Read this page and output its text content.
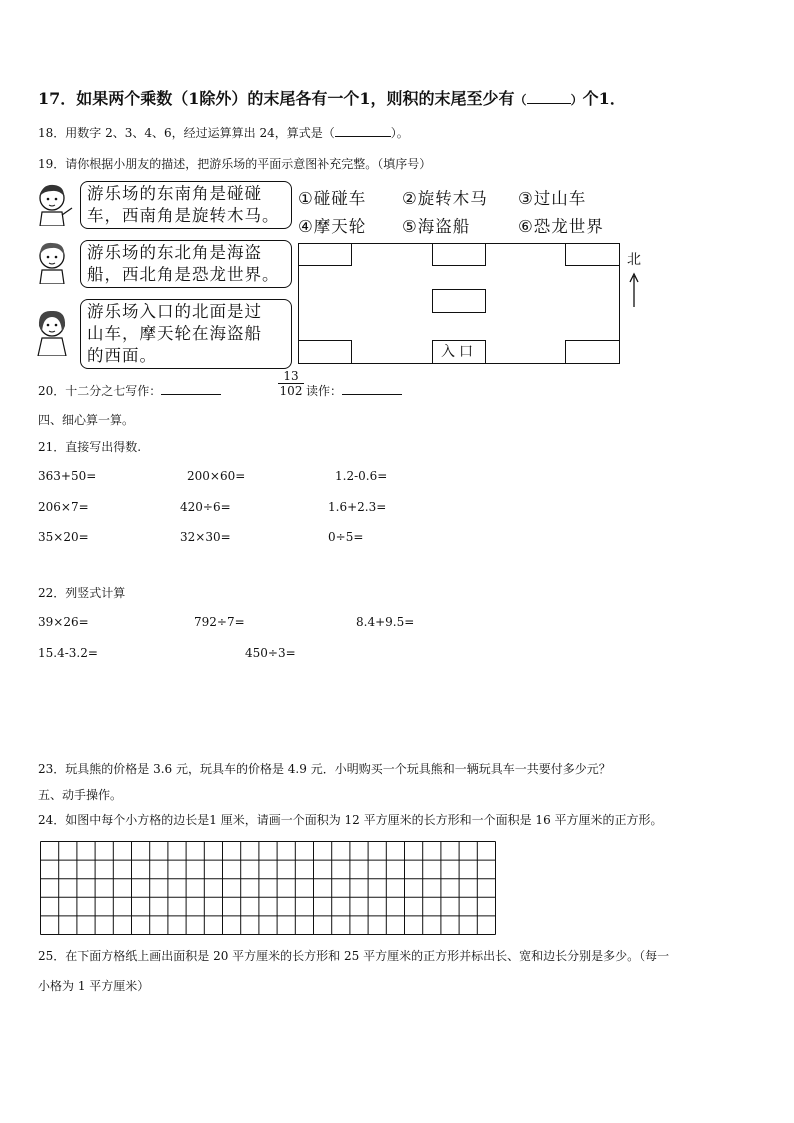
17．如果两个乘数（1除外）的末尾各有一个1，则积的末尾至少有（	）个1．
18．用数字 2、3、4、6，经过运算算出 24，算式是（	）。
19．请你根据小朋友的描述，把游乐场的平面示意图补充完整。（填序号）
游乐场的东南角是碰碰
车，西南角是旋转木马。
游乐场的东北角是海盗
船，西北角是恐龙世界。
游乐场入口的北面是过
山车，摩天轮在海盗船
的西面。
①碰碰车 ②旋转木马 ③过山车
④摩天轮 ⑤海盗船	⑥恐龙世界
入口
北
20．十二分之七写作：	$\frac{13}{102}$ 读作：
四、细心算一算。
21．直接写出得数.
363+50=	200×60=	1.2-0.6=
206×7=	420÷6=	1.6+2.3=
35×20=	32×30=	0÷5=
22．列竖式计算
39×26=	792÷7=	8.4+9.5=
15.4-3.2=	450÷3=
23．玩具熊的价格是 3.6 元，玩具车的价格是 4.9 元．小明购买一个玩具熊和一辆玩具车一共要付多少元？
五、动手操作。
24．如图中每个小方格的边长是1 厘米，请画一个面积为 12 平方厘米的长方形和一个面积是 16 平方厘米的正方形。
25．在下面方格纸上画出面积是 20 平方厘米的长方形和 25 平方厘米的正方形并标出长、宽和边长分别是多少。（每一
小格为 1 平方厘米）
